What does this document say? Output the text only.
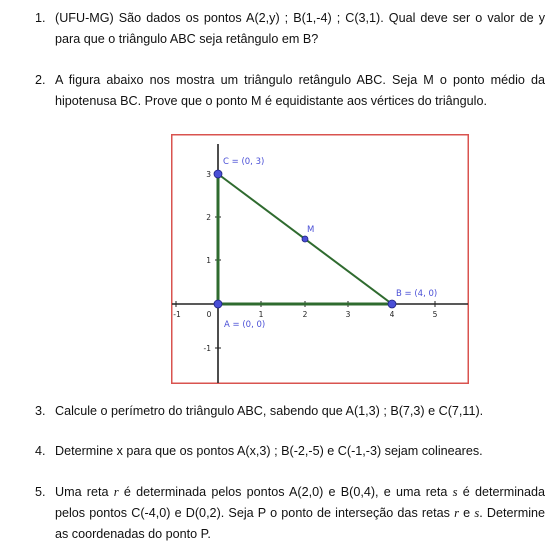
1. (UFU-MG) São dados os pontos A(2,y) ; B(1,-4) ; C(3,1). Qual deve ser o valor de y para que o triângulo ABC seja retângulo em B?
2. A figura abaixo nos mostra um triângulo retângulo ABC. Seja M o ponto médio da hipotenusa BC. Prove que o ponto M é equidistante aos vértices do triângulo.
-1	0	1	2	3	4	5
3
2
1
-1
C = (0, 3)
M
B = (4, 0)
A = (0, 0)
3. Calcule o perímetro do triângulo ABC, sabendo que A(1,3) ; B(7,3) e C(7,11).
4. Determine x para que os pontos A(x,3) ; B(-2,-5) e C(-1,-3) sejam colineares.
5. Uma reta r é determinada pelos pontos A(2,0) e B(0,4), e uma reta s é determinada pelos pontos C(-4,0) e D(0,2). Seja P o ponto de interseção das retas r e s. Determine as coordenadas do ponto P.
